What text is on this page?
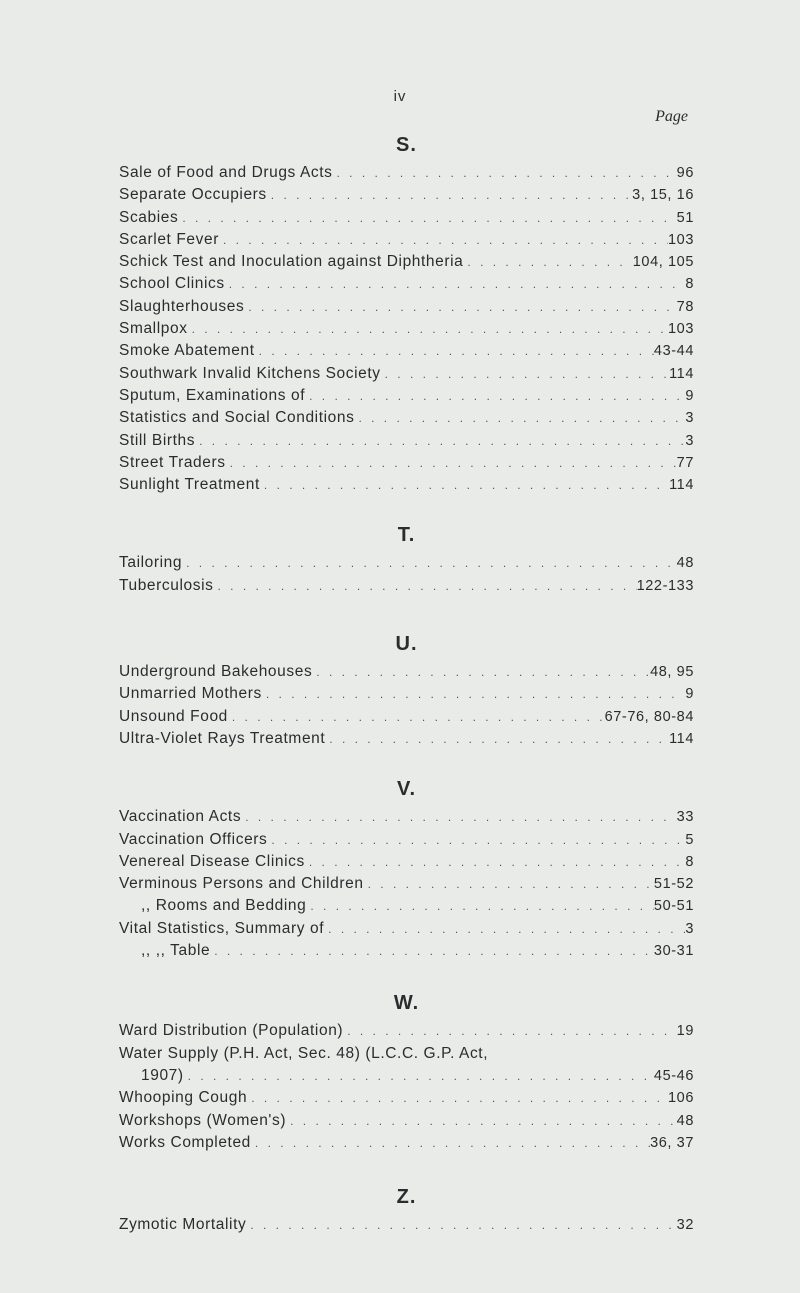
iv
Page
S.
Sale of Food and Drugs Acts . . .	96
Separate Occupiers . . .	3, 15, 16
Scabies . . .	51
Scarlet Fever . . .	103
Schick Test and Inoculation against Diphtheria . . .	104, 105
School Clinics . . .	8
Slaughterhouses . . .	78
Smallpox . . .	103
Smoke Abatement . . .	43-44
Southwark Invalid Kitchens Society . . .	114
Sputum, Examinations of . . .	9
Statistics and Social Conditions . . .	3
Still Births . . .	3
Street Traders . . .	77
Sunlight Treatment . . .	114
T.
Tailoring . . .	48
Tuberculosis . . .	122-133
U.
Underground Bakehouses . . .	48, 95
Unmarried Mothers . . .	9
Unsound Food . . .	67-76, 80-84
Ultra-Violet Rays Treatment . . .	114
V.
Vaccination Acts . . .	33
Vaccination Officers . . .	5
Venereal Disease Clinics . . .	8
Verminous Persons and Children . . .	51-52
,, Rooms and Bedding . . .	50-51
Vital Statistics, Summary of . . .	3
,, ,, Table . . .	30-31
W.
Ward Distribution (Population) . . .	19
Water Supply (P.H. Act, Sec. 48) (L.C.C. G.P. Act,
1907) . . .	45-46
Whooping Cough . . .	106
Workshops (Women's) . . .	48
Works Completed . . .	36, 37
Z.
Zymotic Mortality . . .	32
